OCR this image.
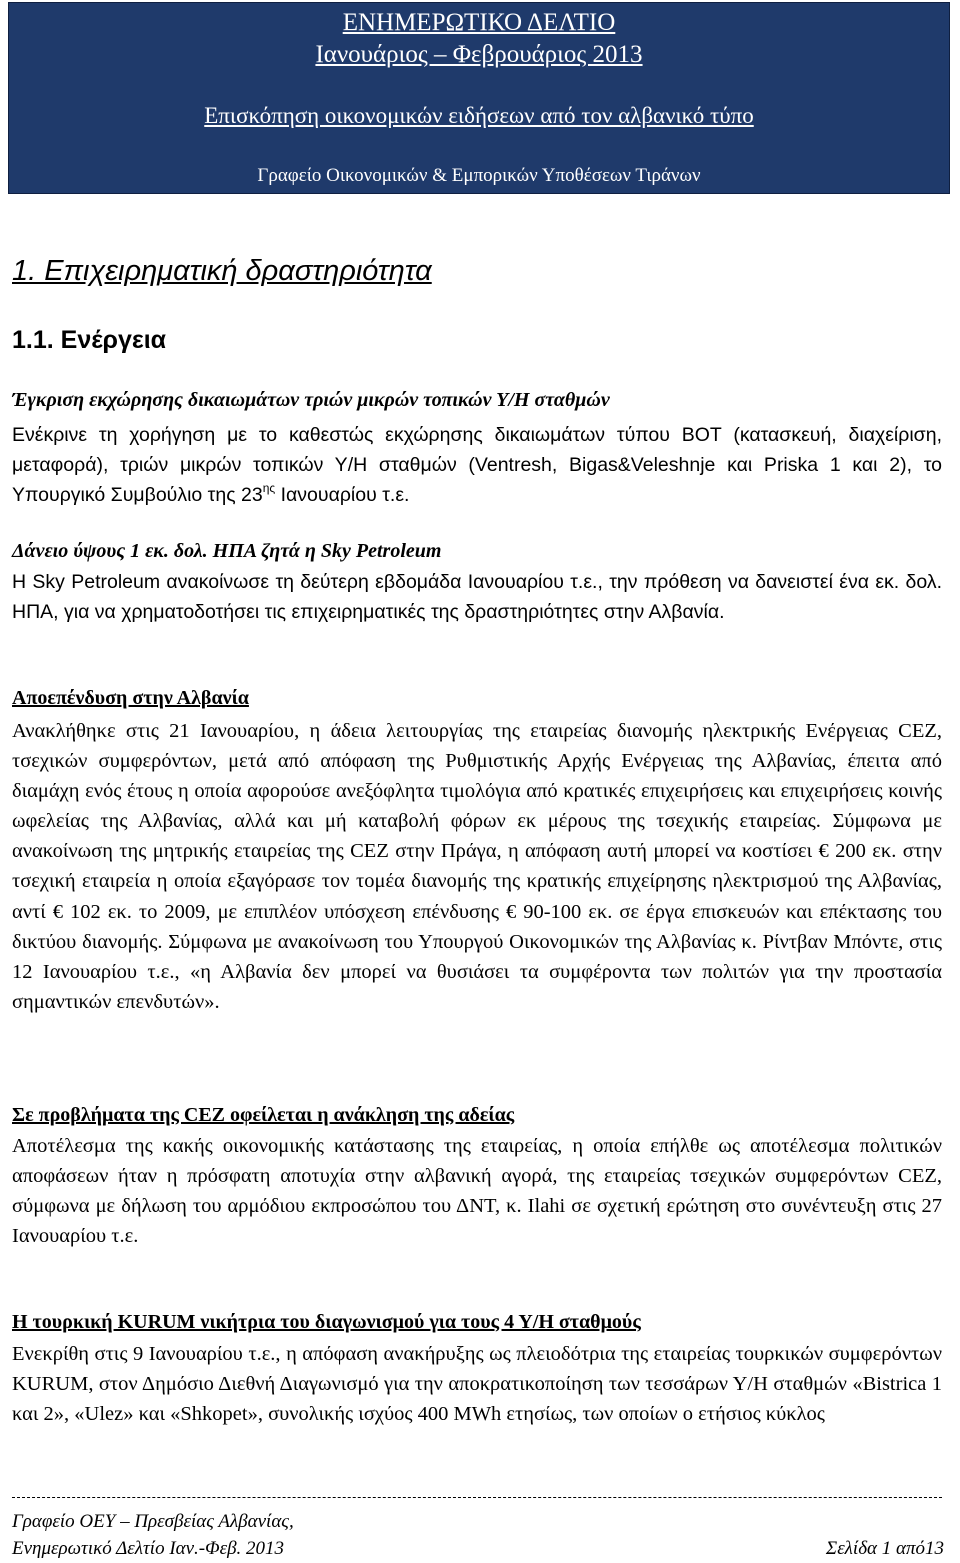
ΕΝΗΜΕΡΩΤΙΚΟ ΔΕΛΤΙΟ
Ιανουάριος – Φεβρουάριος 2013
Επισκόπηση οικονομικών ειδήσεων από τον αλβανικό τύπο
Γραφείο Οικονομικών & Εμπορικών Υποθέσεων Τιράνων
1. Επιχειρηματική δραστηριότητα
1.1. Ενέργεια
Έγκριση εκχώρησης δικαιωμάτων τριών μικρών τοπικών Υ/Η σταθμών

Ενέκρινε τη χορήγηση με το καθεστώς εκχώρησης δικαιωμάτων τύπου BOT (κατασκευή, διαχείριση, μεταφορά), τριών μικρών τοπικών Υ/Η σταθμών (Ventresh, Bigas&Veleshnje και Priska 1 και 2), το Υπουργικό Συμβούλιο της $23^{\eta\varsigma}$ Ιανουαρίου τ.ε.

Δάνειο ύψους 1 εκ. δολ. ΗΠΑ ζητά η Sky Petroleum

Η Sky Petroleum ανακοίνωσε τη δεύτερη εβδομάδα Ιανουαρίου τ.ε., την πρόθεση να δανειστεί ένα εκ. δολ. ΗΠΑ, για να χρηματοδοτήσει τις επιχειρηματικές της δραστηριότητες στην Αλβανία.

Αποεπένδυση στην Αλβανία

Ανακλήθηκε στις 21 Ιανουαρίου, η άδεια λειτουργίας της εταιρείας διανομής ηλεκτρικής Ενέργειας CEZ, τσεχικών συμφερόντων, μετά από απόφαση της Ρυθμιστικής Αρχής Ενέργειας της Αλβανίας, έπειτα από διαμάχη ενός έτους η οποία αφορούσε ανεξόφλητα τιμολόγια από κρατικές επιχειρήσεις και επιχειρήσεις κοινής ωφελείας της Αλβανίας, αλλά και μή καταβολή φόρων εκ μέρους της τσεχικής εταιρείας. Σύμφωνα με ανακοίνωση της μητρικής εταιρείας της CEZ στην Πράγα, η απόφαση αυτή μπορεί να κοστίσει € 200 εκ. στην τσεχική εταιρεία η οποία εξαγόρασε τον τομέα διανομής της κρατικής επιχείρησης ηλεκτρισμού της Αλβανίας, αντί € 102 εκ. το 2009, με επιπλέον υπόσχεση επένδυσης € 90-100 εκ. σε έργα επισκευών και επέκτασης του δικτύου διανομής. Σύμφωνα με ανακοίνωση του Υπουργού Οικονομικών της Αλβανίας κ. Ρίντβαν Μπόντε, στις 12 Ιανουαρίου τ.ε., «η Αλβανία δεν μπορεί να θυσιάσει τα συμφέροντα των πολιτών για την προστασία σημαντικών επενδυτών».

Σε προβλήματα της CEZ οφείλεται η ανάκληση της αδείας

Αποτέλεσμα της κακής οικονομικής κατάστασης της εταιρείας, η οποία επήλθε ως αποτέλεσμα πολιτικών αποφάσεων ήταν η πρόσφατη αποτυχία στην αλβανική αγορά, της εταιρείας τσεχικών συμφερόντων CEZ, σύμφωνα με δήλωση του αρμόδιου εκπροσώπου του ΔΝΤ, κ. Ilahi σε σχετική ερώτηση στο συνέντευξη στις 27 Ιανουαρίου τ.ε.

Η τουρκική KURUM νικήτρια του διαγωνισμού για τους 4 Υ/Η σταθμούς

Ενεκρίθη στις 9 Ιανουαρίου τ.ε., η απόφαση ανακήρυξης ως πλειοδότρια της εταιρείας τουρκικών συμφερόντων KURUM, στον Δημόσιο Διεθνή Διαγωνισμό για την αποκρατικοποίηση των τεσσάρων Υ/Η σταθμών «Bistrica 1 και 2», «Ulez» και «Shkopet», συνολικής ισχύος 400 MWh ετησίως, των οποίων ο ετήσιος κύκλος

Γραφείο ΟΕΥ – Πρεσβείας Αλβανίας,
Ενημερωτικό Δελτίο Ιαν.-Φεβ. 2013	Σελίδα 1 από13
